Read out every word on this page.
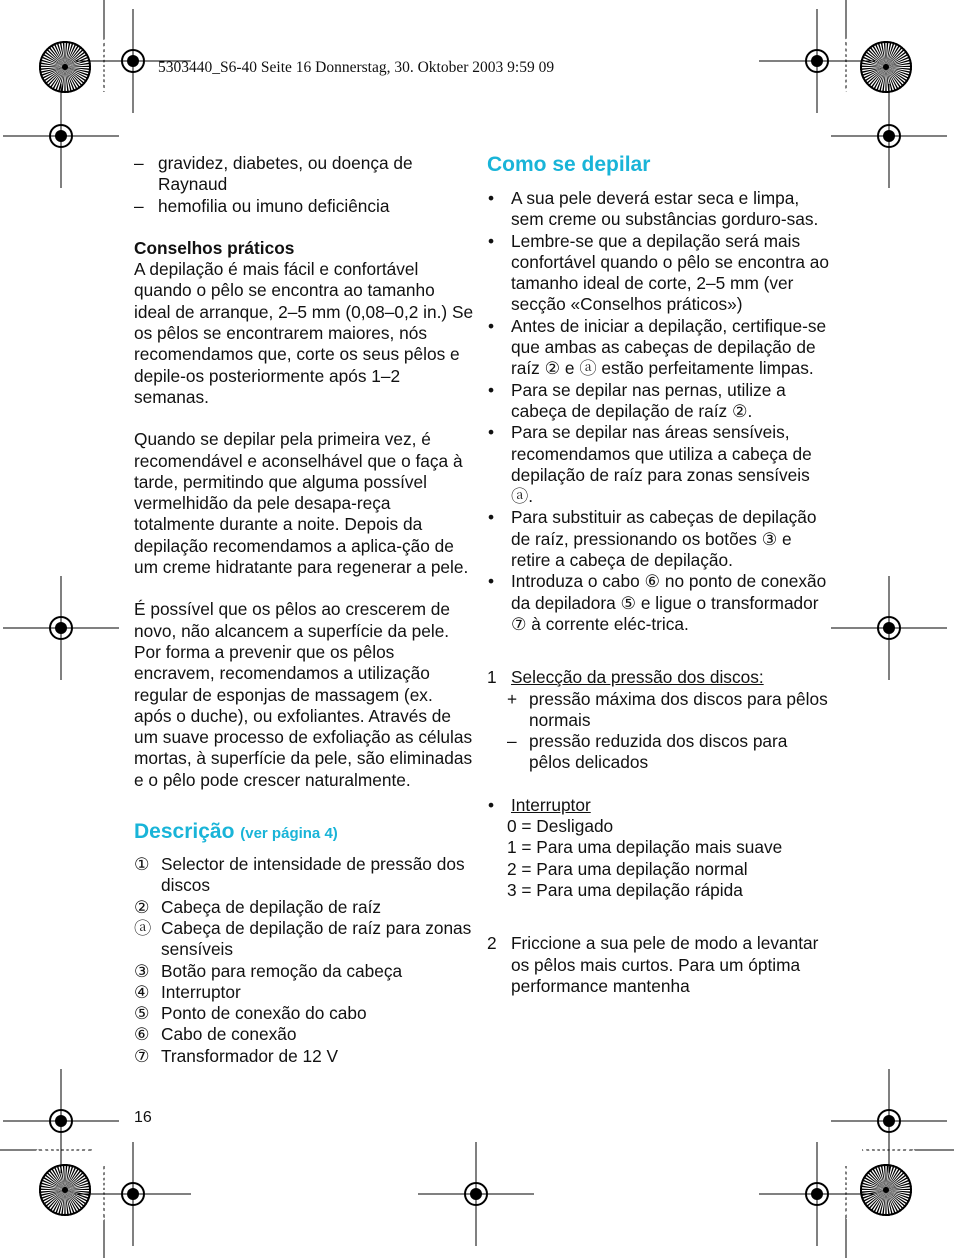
5303440_S6-40 Seite 16 Donnerstag, 30. Oktober 2003 9:59 09
– gravidez, diabetes, ou doença de Raynaud
– hemofilia ou imuno deficiência

Conselhos práticos

A depilação é mais fácil e confortável quando o pêlo se encontra ao tamanho ideal de arranque, 2–5 mm (0,08–0,2 in.) Se os pêlos se encontrarem maiores, nós recomendamos que, corte os seus pêlos e depile-os posteriormente após 1–2 semanas.

Quando se depilar pela primeira vez, é recomendável e aconselhável que o faça à tarde, permitindo que alguma possível vermelhidão da pele desapa-reça totalmente durante a noite. Depois da depilação recomendamos a aplica-ção de um creme hidratante para regenerar a pele.

É possível que os pêlos ao crescerem de novo, não alcancem a superfície da pele. Por forma a prevenir que os pêlos encravem, recomendamos a utilização regular de esponjas de massagem (ex. após o duche), ou exfoliantes. Através de um suave processo de exfoliação as células mortas, à superfície da pele, são eliminadas e o pêlo pode crescer naturalmente.

Descrição (ver página 4)
① Selector de intensidade de pressão dos discos
② Cabeça de depilação de raíz
ⓐ Cabeça de depilação de raíz para zonas sensíveis
③ Botão para remoção da cabeça
④ Interruptor
⑤ Ponto de conexão do cabo
⑥ Cabo de conexão
⑦ Transformador de 12 V
16
Como se depilar
• A sua pele deverá estar seca e limpa, sem creme ou substâncias gorduro-sas.
• Lembre-se que a depilação será mais confortável quando o pêlo se encontra ao tamanho ideal de corte, 2–5 mm (ver secção «Conselhos práticos»)
• Antes de iniciar a depilação, certifique-se que ambas as cabeças de depilação de raíz ② e ⓐ estão perfeitamente limpas.
• Para se depilar nas pernas, utilize a cabeça de depilação de raíz ②.
• Para se depilar nas áreas sensíveis, recomendamos que utiliza a cabeça de depilação de raíz para zonas sensíveis ⓐ.
• Para substituir as cabeças de depilação de raíz, pressionando os botões ③ e retire a cabeça de depilação.
• Introduza o cabo ⑥ no ponto de conexão da depiladora ⑤ e ligue o transformador ⑦ à corrente eléc-trica.
1 Selecção da pressão dos discos:
+ pressão máxima dos discos para pêlos normais
– pressão reduzida dos discos para pêlos delicados
• Interruptor
0 = Desligado
1 = Para uma depilação mais suave
2 = Para uma depilação normal
3 = Para uma depilação rápida
2 Friccione a sua pele de modo a levantar os pêlos mais curtos. Para um óptima performance mantenha
